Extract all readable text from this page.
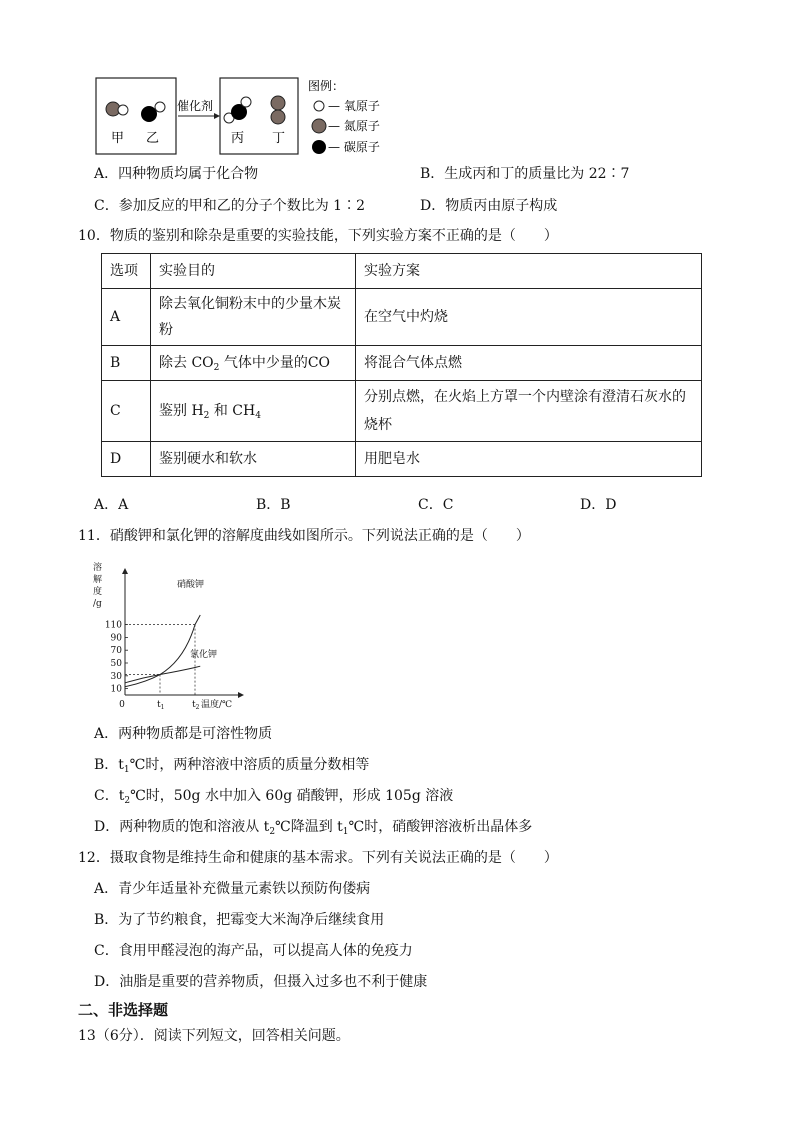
甲 乙
催化剂
丙 丁
图例：
— 氧原子
— 氮原子
— 碳原子
A．四种物质均属于化合物	B．生成丙和丁的质量比为 22∶7
C．参加反应的甲和乙的分子个数比为 1∶2	D．物质丙由原子构成
10．物质的鉴别和除杂是重要的实验技能，下列实验方案不正确的是（　　）
选项	实验目的	实验方案
A	除去氧化铜粉末中的少量木炭粉	在空气中灼烧
B	除去 $CO_2$ 气体中少量的CO	将混合气体点燃
C	鉴别 $H_2$ 和 $CH_4$	分别点燃，在火焰上方罩一个内壁涂有澄清石灰水的烧杯
D	鉴别硬水和软水	用肥皂水
A．A	B．B	C．C	D．D
11．硝酸钾和氯化钾的溶解度曲线如图所示。下列说法正确的是（　　）
10
30
50
70
90
110
0	$t_1$	$t_2$
硝酸钾
氯化钾
溶
解
度
/g
温度/℃
A．两种物质都是可溶性物质
B．$t_1℃$时，两种溶液中溶质的质量分数相等
C．$t_2℃$时，50g 水中加入 60g 硝酸钾，形成 105g 溶液
D．两种物质的饱和溶液从 $t_2℃$降温到 $t_1℃$时，硝酸钾溶液析出晶体多
12．摄取食物是维持生命和健康的基本需求。下列有关说法正确的是（　　）
A．青少年适量补充微量元素铁以预防佝偻病
B．为了节约粮食，把霉变大米淘净后继续食用
C．食用甲醛浸泡的海产品，可以提高人体的免疫力
D．油脂是重要的营养物质，但摄入过多也不利于健康
二、非选择题
13（6分）．阅读下列短文，回答相关问题。
